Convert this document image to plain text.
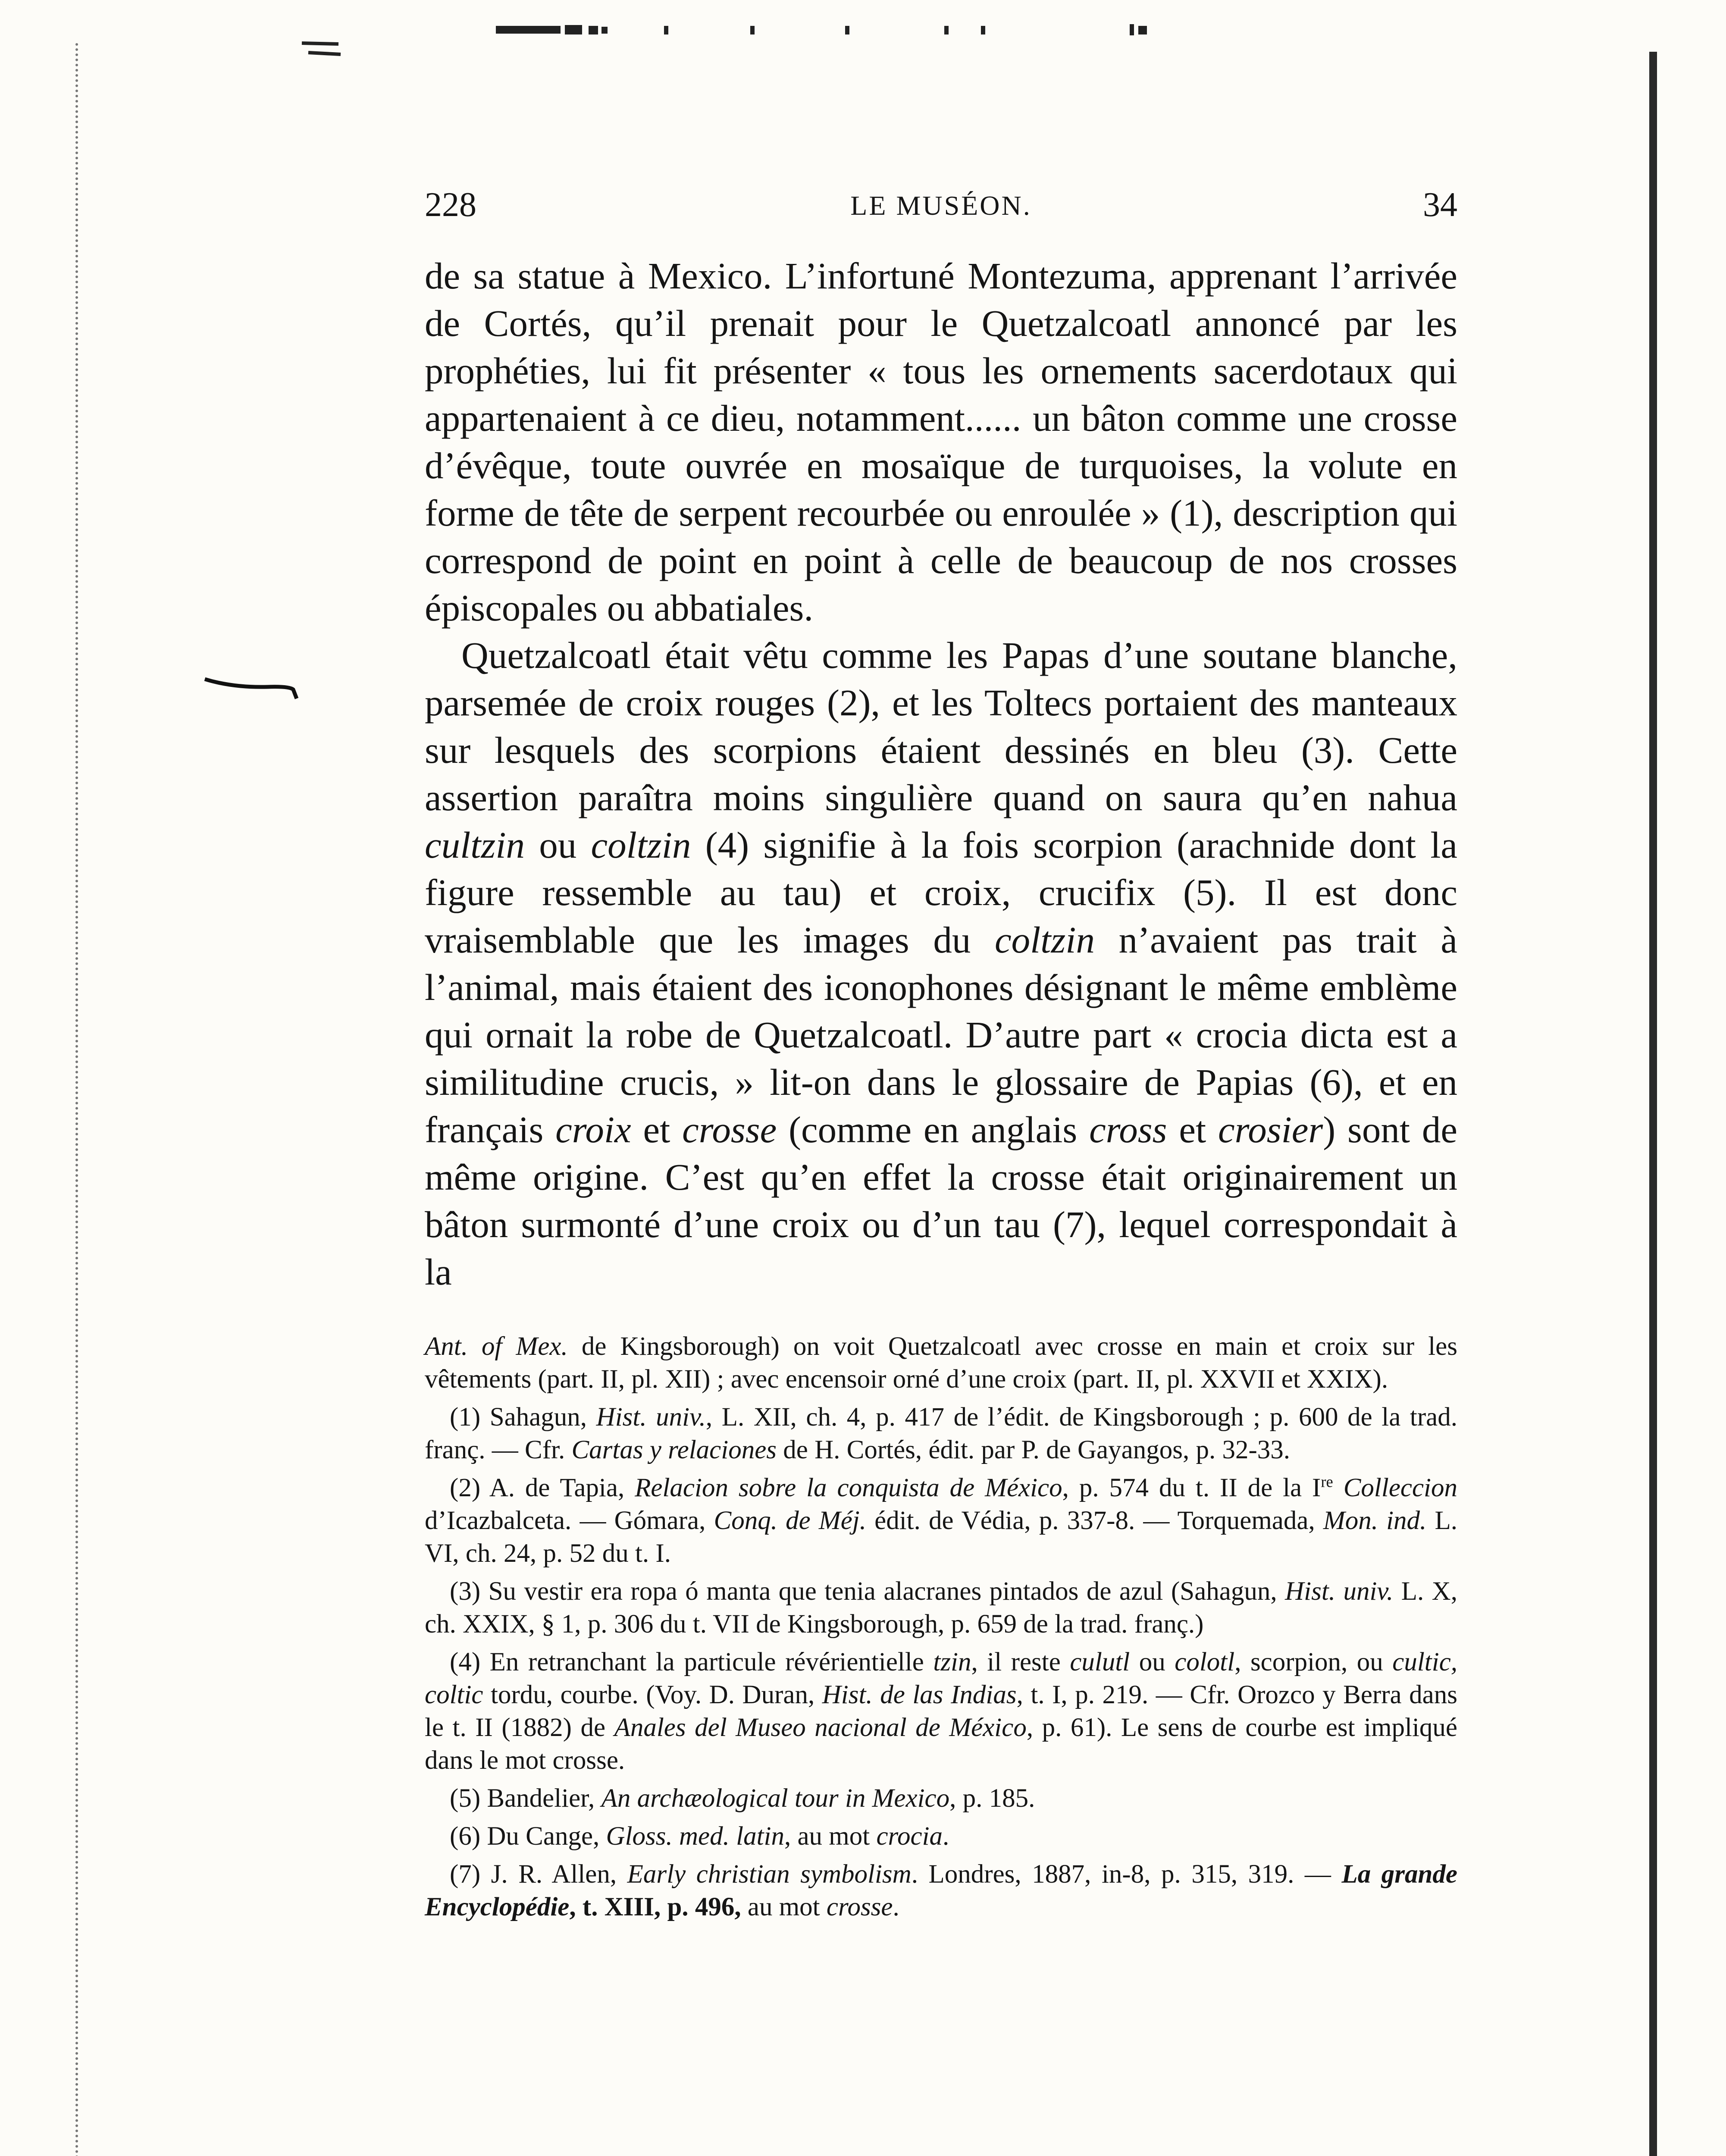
228	LE MUSÉON.	34

de sa statue à Mexico. L’infortuné Montezuma, apprenant l’arrivée de Cortés, qu’il prenait pour le Quetzalcoatl annoncé par les prophéties, lui fit présenter « tous les ornements sacerdotaux qui appartenaient à ce dieu, notamment...... un bâton comme une crosse d’évêque, toute ouvrée en mosaïque de turquoises, la volute en forme de tête de serpent recourbée ou enroulée » (1), description qui correspond de point en point à celle de beaucoup de nos crosses épiscopales ou abbatiales.

Quetzalcoatl était vêtu comme les Papas d’une soutane blanche, parsemée de croix rouges (2), et les Toltecs portaient des manteaux sur lesquels des scorpions étaient dessinés en bleu (3). Cette assertion paraîtra moins singulière quand on saura qu’en nahua cultzin ou coltzin (4) signifie à la fois scorpion (arachnide dont la figure ressemble au tau) et croix, crucifix (5). Il est donc vraisemblable que les images du coltzin n’avaient pas trait à l’animal, mais étaient des iconophones désignant le même emblème qui ornait la robe de Quetzalcoatl. D’autre part « crocia dicta est a similitudine crucis, » lit-on dans le glossaire de Papias (6), et en français croix et crosse (comme en anglais cross et crosier) sont de même origine. C’est qu’en effet la crosse était originairement un bâton surmonté d’une croix ou d’un tau (7), lequel correspondait à la

Ant. of Mex. de Kingsborough) on voit Quetzalcoatl avec crosse en main et croix sur les vêtements (part. II, pl. XII) ; avec encensoir orné d’une croix (part. II, pl. XXVII et XXIX).

(1) Sahagun, Hist. univ., L. XII, ch. 4, p. 417 de l’édit. de Kingsborough ; p. 600 de la trad. franç. — Cfr. Cartas y relaciones de H. Cortés, édit. par P. de Gayangos, p. 32-33.

(2) A. de Tapia, Relacion sobre la conquista de México, p. 574 du t. II de la Ire Colleccion d’Icazbalceta. — Gómara, Conq. de Méj. édit. de Védia, p. 337-8. — Torquemada, Mon. ind. L. VI, ch. 24, p. 52 du t. I.

(3) Su vestir era ropa ó manta que tenia alacranes pintados de azul (Sahagun, Hist. univ. L. X, ch. XXIX, § 1, p. 306 du t. VII de Kingsborough, p. 659 de la trad. franç.)

(4) En retranchant la particule révérientielle tzin, il reste culutl ou colotl, scorpion, ou cultic, coltic tordu, courbe. (Voy. D. Duran, Hist. de las Indias, t. I, p. 219. — Cfr. Orozco y Berra dans le t. II (1882) de Anales del Museo nacional de México, p. 61). Le sens de courbe est impliqué dans le mot crosse.

(5) Bandelier, An archæological tour in Mexico, p. 185.

(6) Du Cange, Gloss. med. latin, au mot crocia.

(7) J. R. Allen, Early christian symbolism. Londres, 1887, in-8, p. 315, 319. — La grande Encyclopédie, t. XIII, p. 496, au mot crosse.
